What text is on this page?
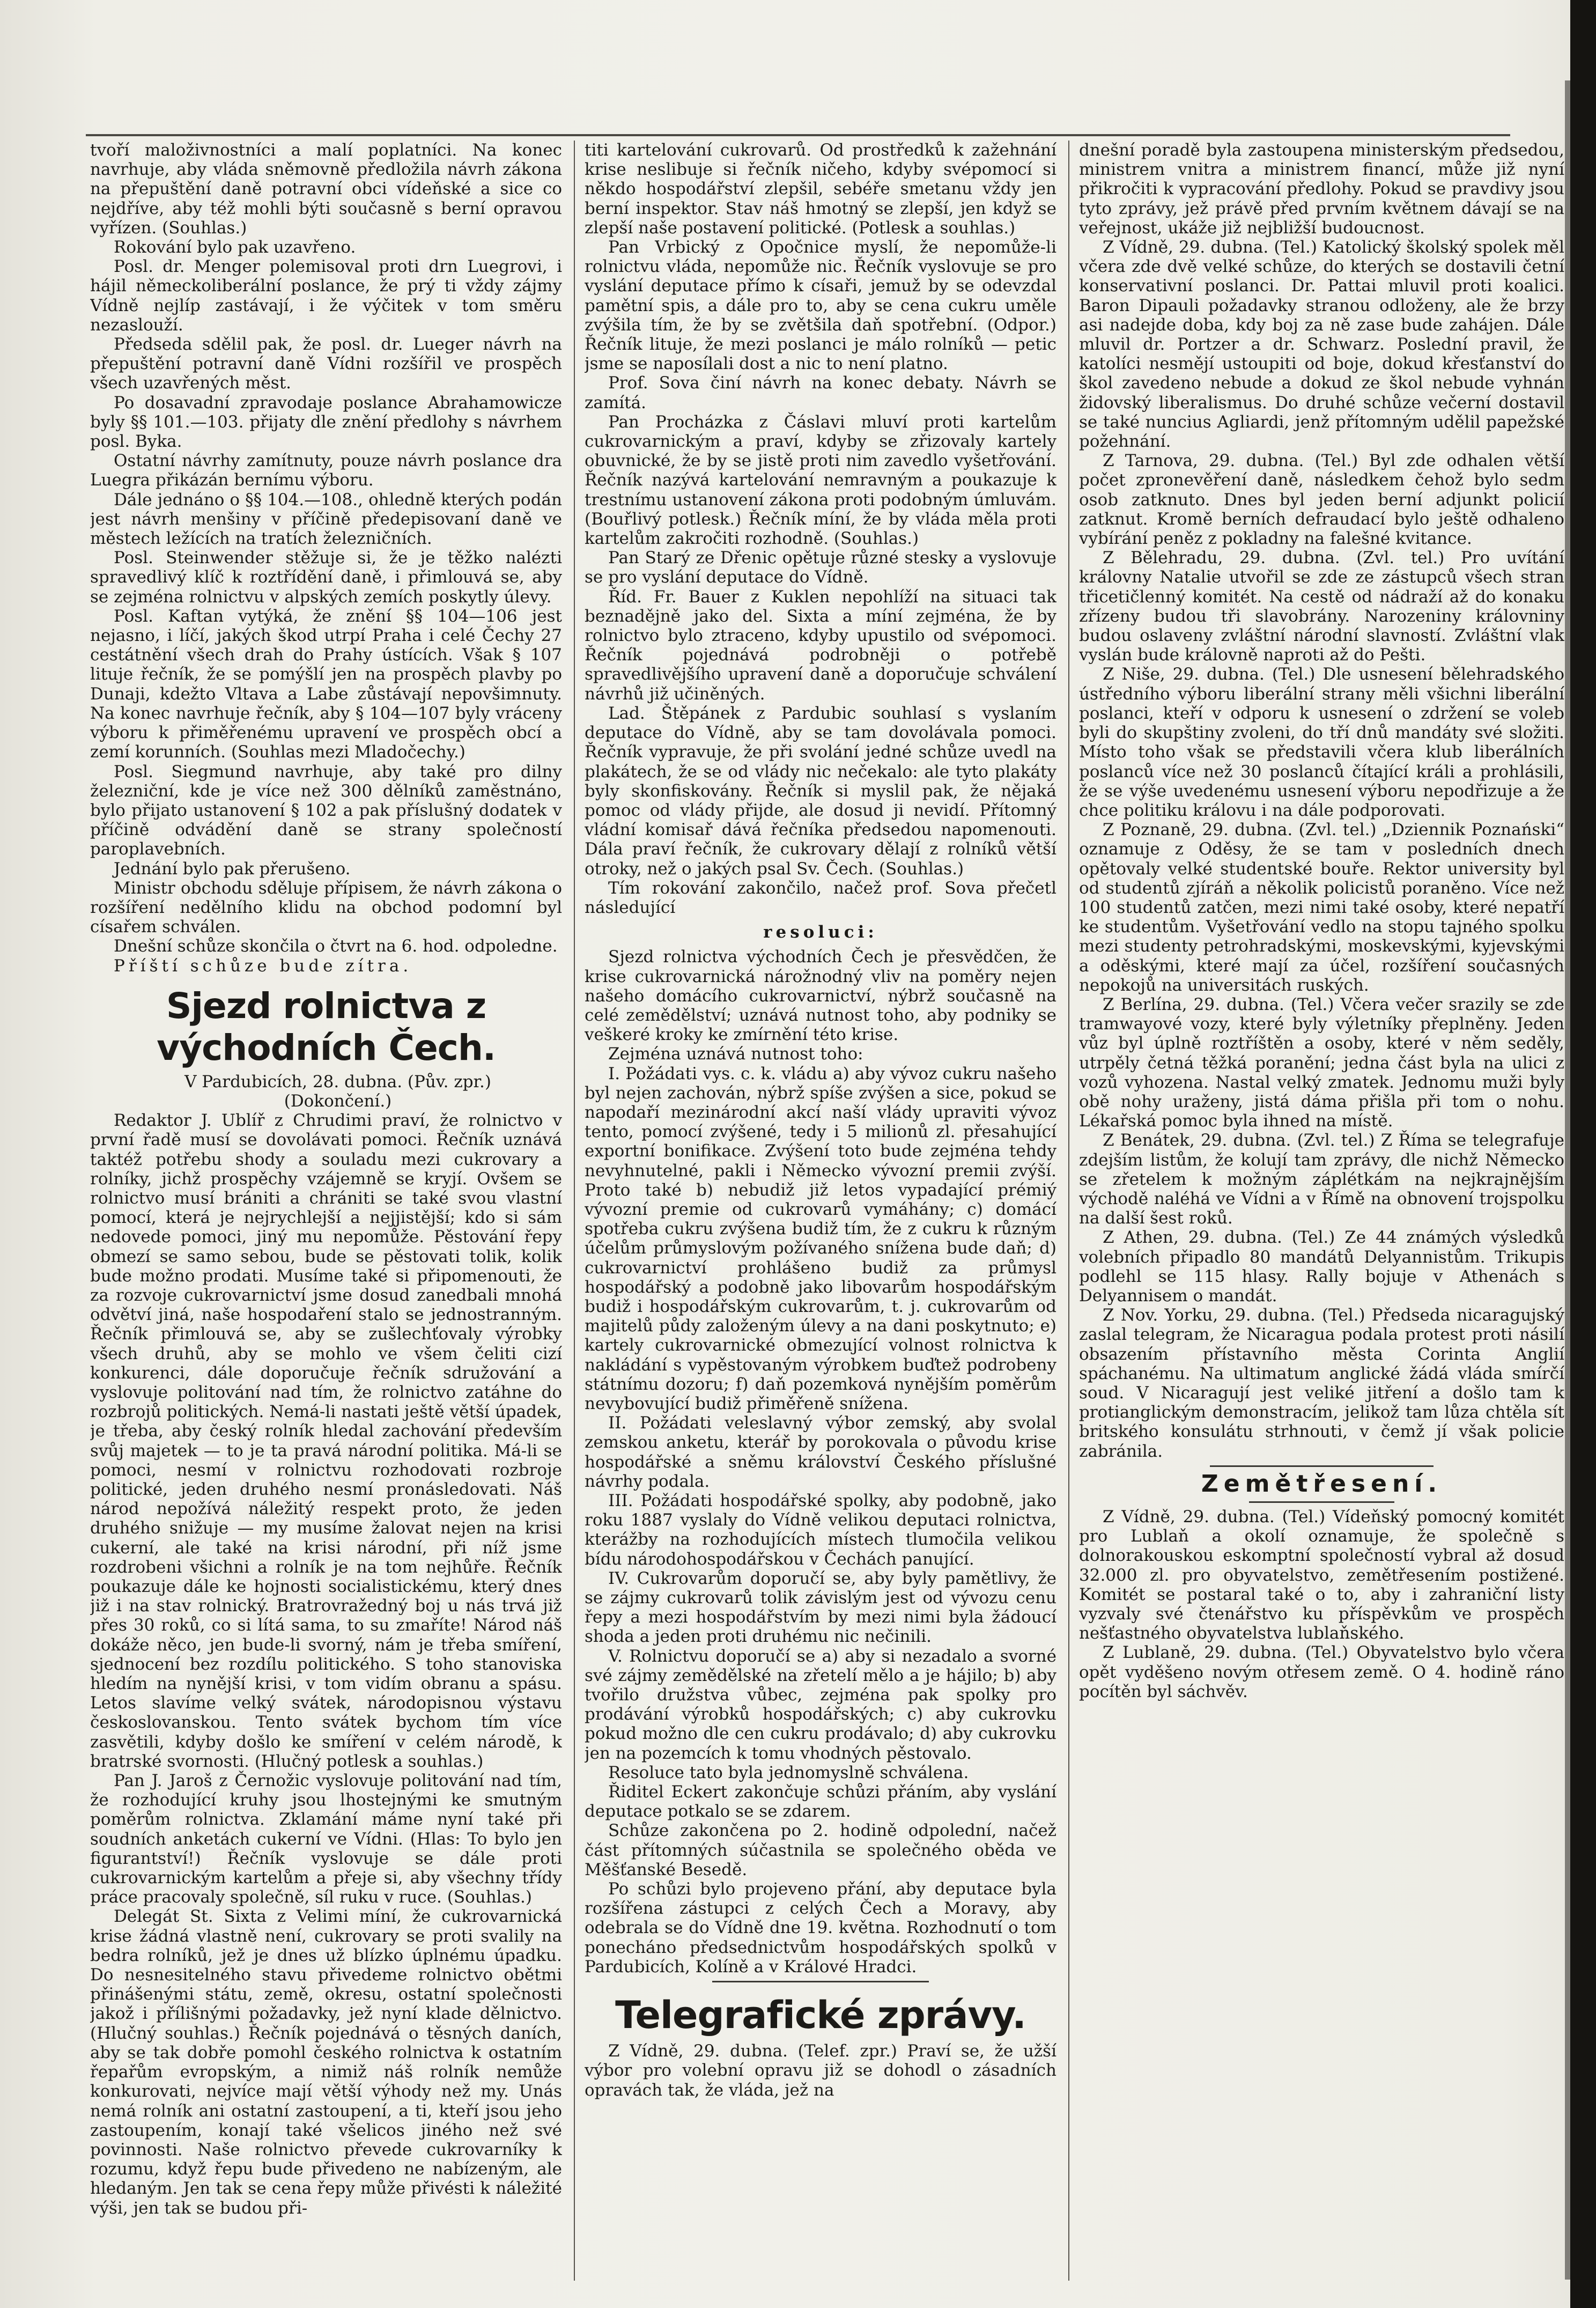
tvoří maloživnostníci a malí poplatníci. Na konec navrhuje, aby vláda sněmovně předložila návrh zákona na přepuštění daně potravní obci vídeňské a sice co nejdříve, aby též mohli býti současně s berní opravou vyřízen. (Souhlas.)

Rokování bylo pak uzavřeno.

Posl. dr. Menger polemisoval proti drn Luegrovi, i hájil německoliberální poslance, že prý ti vždy zájmy Vídně nejlíp zastávají, i že výčitek v tom směru nezaslouží.

Předseda sdělil pak, že posl. dr. Lueger návrh na přepuštění potravní daně Vídni rozšířil ve prospěch všech uzavřených měst.

Po dosavadní zpravodaje poslance Abrahamowicze byly §§ 101.—103. přijaty dle znění předlohy s návrhem posl. Byka.

Ostatní návrhy zamítnuty, pouze návrh poslance dra Luegra přikázán bernímu výboru.

Dále jednáno o §§ 104.—108., ohledně kterých podán jest návrh menšiny v příčině předepisovaní daně ve městech ležících na tratích železničních.

Posl. Steinwender stěžuje si, že je těžko nalézti spravedlivý klíč k roztřídění daně, i přimlouvá se, aby se zejména rolnictvu v alpských zemích poskytly úlevy.

Posl. Kaftan vytýká, že znění §§ 104—106 jest nejasno, i líčí, jakých škod utrpí Praha i celé Čechy 27 cestátnění všech drah do Prahy ústících. Však § 107 lituje řečník, že se pomýšlí jen na prospěch plavby po Dunaji, kdežto Vltava a Labe zůstávají nepovšimnuty. Na konec navrhuje řečník, aby § 104—107 byly vráceny výboru k přiměřenému upravení ve prospěch obcí a zemí korunních. (Souhlas mezi Mladočechy.)

Posl. Siegmund navrhuje, aby také pro dilny železniční, kde je více než 300 dělníků zaměstnáno, bylo přijato ustanovení § 102 a pak příslušný dodatek v příčině odvádění daně se strany společností paroplavebních.

Jednání bylo pak přerušeno.

Ministr obchodu sděluje přípisem, že návrh zákona o rozšíření nedělního klidu na obchod podomní byl císařem schválen.

Dnešní schůze skončila o čtvrt na 6. hod. odpoledne.

Příští schůze bude zítra.

Sjezd rolnictva z východních Čech.

V Pardubicích, 28. dubna. (Pův. zpr.)

(Dokončení.)

Redaktor J. Ublíř z Chrudimi praví, že rolnictvo v první řadě musí se dovolávati pomoci. Řečník uznává taktéž potřebu shody a souladu mezi cukrovary a rolníky, jichž prospěchy vzájemně se kryjí. Ovšem se rolnictvo musí brániti a chrániti se také svou vlastní pomocí, která je nejrychlejší a nejjistější; kdo si sám nedovede pomoci, jiný mu nepomůže. Pěstování řepy obmezí se samo sebou, bude se pěstovati tolik, kolik bude možno prodati. Musíme také si připomenouti, že za rozvoje cukrovarnictví jsme dosud zanedbali mnohá odvětví jiná, naše hospodaření stalo se jednostranným. Řečník přimlouvá se, aby se zušlechťovaly výrobky všech druhů, aby se mohlo ve všem čeliti cizí konkurenci, dále doporučuje řečník sdružování a vyslovuje politování nad tím, že rolnictvo zatáhne do rozbrojů politických. Nemá-li nastati ještě větší úpadek, je třeba, aby český rolník hledal zachování především svůj majetek — to je ta pravá národní politika. Má-li se pomoci, nesmí v rolnictvu rozhodovati rozbroje politické, jeden druhého nesmí pronásledovati. Náš národ nepožívá náležitý respekt proto, že jeden druhého snižuje — my musíme žalovat nejen na krisi cukerní, ale také na krisi národní, při níž jsme rozdrobeni všichni a rolník je na tom nejhůře. Řečník poukazuje dále ke hojnosti socialistickému, který dnes již i na stav rolnický. Bratrovražedný boj u nás trvá již přes 30 roků, co si lítá sama, to su zmaříte! Národ náš dokáže něco, jen bude-li svorný, nám je třeba smíření, sjednocení bez rozdílu politického. S toho stanoviska hledím na nynější krisi, v tom vidím obranu a spásu. Letos slavíme velký svátek, národopisnou výstavu českoslovanskou. Tento svátek bychom tím více zasvětili, kdyby došlo ke smíření v celém národě, k bratrské svornosti. (Hlučný potlesk a souhlas.)

Pan J. Jaroš z Černožic vyslovuje politování nad tím, že rozhodující kruhy jsou lhostejnými ke smutným poměrům rolnictva. Zklamání máme nyní také při soudních anketách cukerní ve Vídni. (Hlas: To bylo jen figurantství!) Řečník vyslovuje se dále proti cukrovarnickým kartelům a přeje si, aby všechny třídy práce pracovaly společně, síl ruku v ruce. (Souhlas.)

Delegát St. Sixta z Velimi míní, že cukrovarnická krise žádná vlastně není, cukrovary se proti svalily na bedra rolníků, jež je dnes už blízko úplnému úpadku. Do nesnesitelného stavu přivedeme rolnictvo obětmi přinášenými státu, země, okresu, ostatní společnosti jakož i přílišnými požadavky, jež nyní klade dělnictvo. (Hlučný souhlas.) Řečník pojednává o těsných daních, aby se tak dobře pomohl českého rolnictva k ostatním řepařům evropským, a nimiž náš rolník nemůže konkurovati, nejvíce mají větší výhody než my. Unás nemá rolník ani ostatní zastoupení, a ti, kteří jsou jeho zastoupením, konají také všelicos jiného než své povinnosti. Naše rolnictvo převede cukrovarníky k rozumu, když řepu bude přivedeno ne nabízeným, ale hledaným. Jen tak se cena řepy může přivésti k náležité výši, jen tak se budou při-

titi kartelování cukrovarů. Od prostředků k zažehnání krise neslibuje si řečník ničeho, kdyby svépomocí si někdo hospodářství zlepšil, sebéře smetanu vždy jen berní inspektor. Stav náš hmotný se zlepší, jen když se zlepší naše postavení politické. (Potlesk a souhlas.)

Pan Vrbický z Opočnice myslí, že nepomůže-li rolnictvu vláda, nepomůže nic. Řečník vyslovuje se pro vyslání deputace přímo k císaři, jemuž by se odevzdal pamětní spis, a dále pro to, aby se cena cukru uměle zvýšila tím, že by se zvětšila daň spotřební. (Odpor.) Řečník lituje, že mezi poslanci je málo rolníků — petic jsme se naposílali dost a nic to není platno.

Prof. Sova činí návrh na konec debaty. Návrh se zamítá.

Pan Procházka z Čáslavi mluví proti kartelům cukrovarnickým a praví, kdyby se zřizovaly kartely obuvnické, že by se jistě proti nim zavedlo vyšetřování. Řečník nazývá kartelování nemravným a poukazuje k trestnímu ustanovení zákona proti podobným úmluvám. (Bouřlivý potlesk.) Řečník míní, že by vláda měla proti kartelům zakročiti rozhodně. (Souhlas.)

Pan Starý ze Dřenic opětuje různé stesky a vyslovuje se pro vyslání deputace do Vídně.

Říd. Fr. Bauer z Kuklen nepohlíží na situaci tak beznadějně jako del. Sixta a míní zejména, že by rolnictvo bylo ztraceno, kdyby upustilo od svépomoci. Řečník pojednává podrobněji o potřebě spravedlivějšího upravení daně a doporučuje schválení návrhů již učiněných.

Lad. Štěpánek z Pardubic souhlasí s vyslaním deputace do Vídně, aby se tam dovolávala pomoci. Řečník vypravuje, že při svolání jedné schůze uvedl na plakátech, že se od vlády nic nečekalo: ale tyto plakáty byly skonfiskovány. Řečník si myslil pak, že nějaká pomoc od vlády přijde, ale dosud ji nevidí. Přítomný vládní komisař dává řečníka předsedou napomenouti. Dála praví řečník, že cukrovary dělají z rolníků větší otroky, než o jakých psal Sv. Čech. (Souhlas.)

Tím rokování zakončilo, načež prof. Sova přečetl následující

resoluci:

Sjezd rolnictva východních Čech je přesvědčen, že krise cukrovarnická nárožnodný vliv na poměry nejen našeho domácího cukrovarnictví, nýbrž současně na celé zemědělství; uznává nutnost toho, aby podniky se veškeré kroky ke zmírnění této krise.

Zejména uznává nutnost toho:

I. Požádati vys. c. k. vládu a) aby vývoz cukru našeho byl nejen zachován, nýbrž spíše zvýšen a sice, pokud se napodaří mezinárodní akcí naší vlády upraviti vývoz tento, pomocí zvýšené, tedy i 5 milionů zl. přesahující exportní bonifikace. Zvýšení toto bude zejména tehdy nevyhnutelné, pakli i Německo vývozní premii zvýší. Proto také b) nebudiž již letos vypadající prémiý vývozní premie od cukrovarů vymáhány; c) domácí spotřeba cukru zvýšena budiž tím, že z cukru k různým účelům průmyslovým požívaného snížena bude daň; d) cukrovarnictví prohlášeno budiž za průmysl hospodářský a podobně jako libovarům hospodářským budiž i hospodářským cukrovarům, t. j. cukrovarům od majitelů půdy založeným úlevy a na dani poskytnuto; e) kartely cukrovarnické obmezující volnost rolnictva k nakládání s vypěstovaným výrobkem buďtež podrobeny státnímu dozoru; f) daň pozemková nynějším poměrům nevybovující budiž přiměřeně snížena.

II. Požádati veleslavný výbor zemský, aby svolal zemskou anketu, kterář by porokovala o původu krise hospodářské a sněmu království Českého příslušné návrhy podala.

III. Požádati hospodářské spolky, aby podobně, jako roku 1887 vyslaly do Vídně velikou deputaci rolnictva, kterážby na rozhodujících místech tlumočila velikou bídu národohospodářskou v Čechách panující.

IV. Cukrovarům doporučí se, aby byly pamětlivy, že se zájmy cukrovarů tolik závislým jest od vývozu cenu řepy a mezi hospodářstvím by mezi nimi byla žádoucí shoda a jeden proti druhému nic nečinili.

V. Rolnictvu doporučí se a) aby si nezadalo a svorné své zájmy zemědělské na zřetelí mělo a je hájilo; b) aby tvořilo družstva vůbec, zejména pak spolky pro prodávání výrobků hospodářských; c) aby cukrovku pokud možno dle cen cukru prodávalo; d) aby cukrovku jen na pozemcích k tomu vhodných pěstovalo.

Resoluce tato byla jednomyslně schválena.

Řiditel Eckert zakončuje schůzi přáním, aby vyslání deputace potkalo se se zdarem.

Schůze zakončena po 2. hodině odpolední, načež část přítomných súčastnila se společného oběda ve Měšťanské Besedě.

Po schůzi bylo projeveno přání, aby deputace byla rozšířena zástupci z celých Čech a Moravy, aby odebrala se do Vídně dne 19. května. Rozhodnutí o tom ponecháno předsednictvům hospodářských spolků v Pardubicích, Kolíně a v Králové Hradci.

Telegrafické zprávy.

Z Vídně, 29. dubna. (Telef. zpr.) Praví se, že užší výbor pro volební opravu již se dohodl o zásadních opravách tak, že vláda, jež na

dnešní poradě byla zastoupena ministerským předsedou, ministrem vnitra a ministrem financí, může již nyní přikročiti k vypracování předlohy. Pokud se pravdivy jsou tyto zprávy, jež právě před prvním květnem dávají se na veřejnost, ukáže již nejbližší budoucnost.

Z Vídně, 29. dubna. (Tel.) Katolický školský spolek měl včera zde dvě velké schůze, do kterých se dostavili četní konservativní poslanci. Dr. Pattai mluvil proti koalici. Baron Dipauli požadavky stranou odloženy, ale že brzy asi nadejde doba, kdy boj za ně zase bude zahájen. Dále mluvil dr. Portzer a dr. Schwarz. Poslední pravil, že katolíci nesmějí ustoupiti od boje, dokud křesťanství do škol zavedeno nebude a dokud ze škol nebude vyhnán židovský liberalismus. Do druhé schůze večerní dostavil se také nuncius Agliardi, jenž přítomným udělil papežské požehnání.

Z Tarnova, 29. dubna. (Tel.) Byl zde odhalen větší počet zpronevěření daně, následkem čehož bylo sedm osob zatknuto. Dnes byl jeden berní adjunkt policií zatknut. Kromě berních defraudací bylo ještě odhaleno vybírání peněz z pokladny na falešné kvitance.

Z Bělehradu, 29. dubna. (Zvl. tel.) Pro uvítání královny Natalie utvořil se zde ze zástupců všech stran třicetičlenný komitét. Na cestě od nádraží až do konaku zřízeny budou tři slavobrány. Narozeniny královniny budou oslaveny zvláštní národní slavností. Zvláštní vlak vyslán bude královně naproti až do Pešti.

Z Niše, 29. dubna. (Tel.) Dle usnesení bělehradského ústředního výboru liberální strany měli všichni liberální poslanci, kteří v odporu k usnesení o zdržení se voleb byli do skupštiny zvoleni, do tří dnů mandáty své složiti. Místo toho však se představili včera klub liberálních poslanců více než 30 poslanců čítající králi a prohlásili, že se výše uvedenému usnesení výboru nepodřizuje a že chce politiku královu i na dále podporovati.

Z Poznaně, 29. dubna. (Zvl. tel.) „Dziennik Poznański“ oznamuje z Oděsy, že se tam v posledních dnech opětovaly velké studentské bouře. Rektor university byl od studentů zjíráň a několik policistů poraněno. Více než 100 studentů zatčen, mezi nimi také osoby, které nepatří ke studentům. Vyšetřování vedlo na stopu tajného spolku mezi studenty petrohradskými, moskevskými, kyjevskými a oděskými, které mají za účel, rozšíření současných nepokojů na universitách ruských.

Z Berlína, 29. dubna. (Tel.) Včera večer srazily se zde tramwayové vozy, které byly výletníky přeplněny. Jeden vůz byl úplně roztříštěn a osoby, které v něm seděly, utrpěly četná těžká poranění; jedna část byla na ulici z vozů vyhozena. Nastal velký zmatek. Jednomu muži byly obě nohy uraženy, jistá dáma přišla při tom o nohu. Lékařská pomoc byla ihned na místě.

Z Benátek, 29. dubna. (Zvl. tel.) Z Říma se telegrafuje zdejším listům, že kolují tam zprávy, dle nichž Německo se zřetelem k možným záplétkám na nejkrajnějším východě naléhá ve Vídni a v Římě na obnovení trojspolku na další šest roků.

Z Athen, 29. dubna. (Tel.) Ze 44 známých výsledků volebních připadlo 80 mandátů Delyannistům. Trikupis podlehl se 115 hlasy. Rally bojuje v Athenách s Delyannisem o mandát.

Z Nov. Yorku, 29. dubna. (Tel.) Předseda nicaragujský zaslal telegram, že Nicaragua podala protest proti násilí obsazením přístavního města Corinta Anglií spáchanému. Na ultimatum anglické žádá vláda smírčí soud. V Nicaragují jest veliké jitření a došlo tam k protianglickým demonstracím, jelikož tam lůza chtěla sít britského konsulátu strhnouti, v čemž jí však policie zabránila.

Zemětřesení.

Z Vídně, 29. dubna. (Tel.) Vídeňský pomocný komitét pro Lublaň a okolí oznamuje, že společně s dolnorakouskou eskomptní společností vybral až dosud 32.000 zl. pro obyvatelstvo, zemětřesením postižené. Komitét se postaral také o to, aby i zahraniční listy vyzvaly své čtenářstvo ku příspěvkům ve prospěch nešťastného obyvatelstva lublaňského.

Z Lublaně, 29. dubna. (Tel.) Obyvatelstvo bylo včera opět vyděšeno novým otřesem země. O 4. hodině ráno pocítěn byl sáchvěv.
